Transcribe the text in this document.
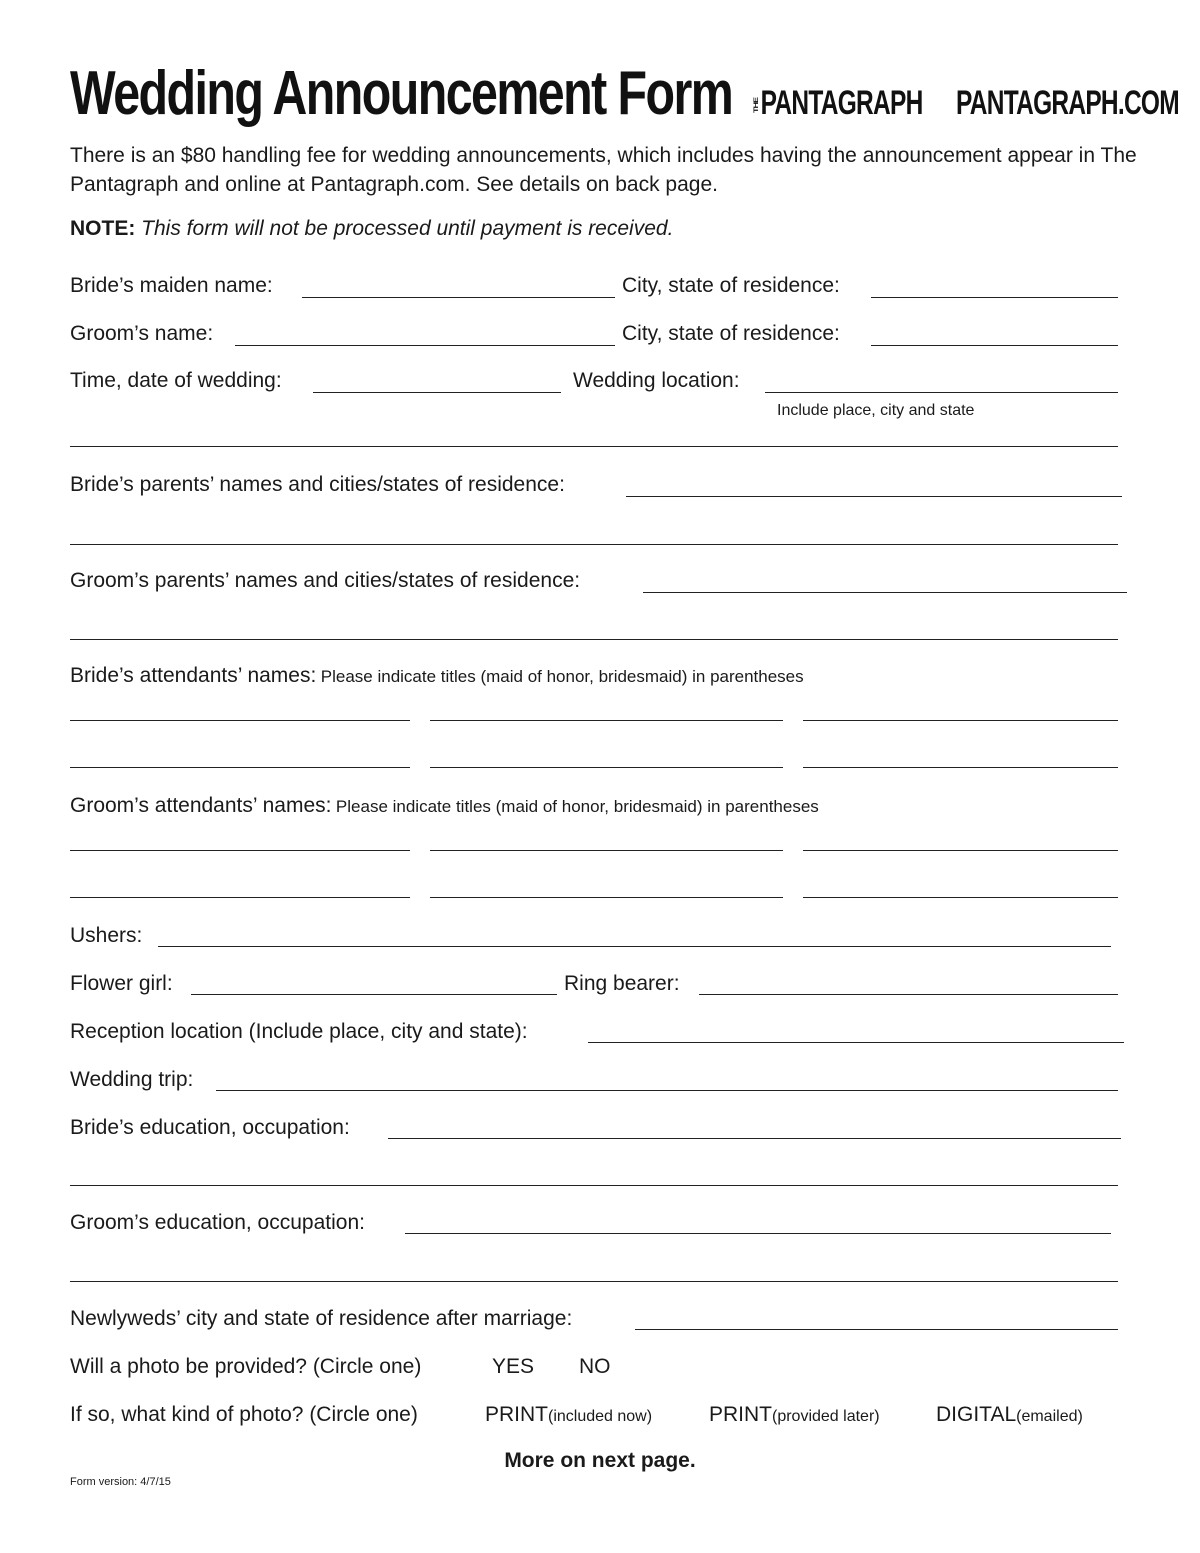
Wedding Announcement Form THEPANTAGRAPH PANTAGRAPH.COM
There is an $80 handling fee for wedding announcements, which includes having the announcement appear in The Pantagraph and online at Pantagraph.com. See details on back page.
NOTE: This form will not be processed until payment is received.
Bride’s maiden name:	City, state of residence:
Groom’s name:	City, state of residence:
Time, date of wedding:	Wedding location:
Include place, city and state
Bride’s parents’ names and cities/states of residence:
Groom’s parents’ names and cities/states of residence:
Bride’s attendants’ names: Please indicate titles (maid of honor, bridesmaid) in parentheses
Groom’s attendants’ names: Please indicate titles (maid of honor, bridesmaid) in parentheses
Ushers:
Flower girl:	Ring bearer:
Reception location (Include place, city and state):
Wedding trip:
Bride’s education, occupation:
Groom’s education, occupation:
Newlyweds’ city and state of residence after marriage:
Will a photo be provided? (Circle one)	YES NO
If so, what kind of photo? (Circle one)	PRINT(included now)	PRINT(provided later)	DIGITAL(emailed)
More on next page.
Form version: 4/7/15
